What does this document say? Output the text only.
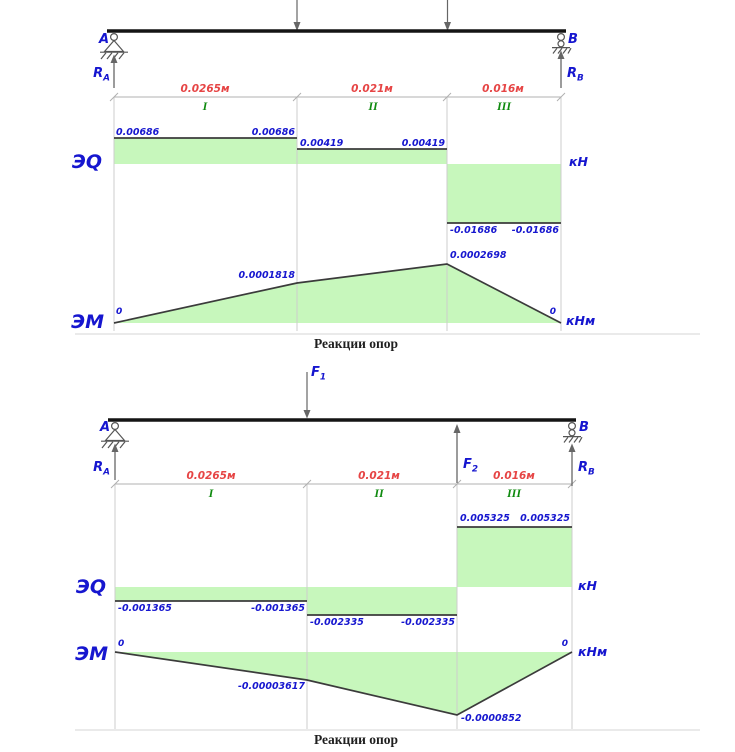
A	B
$R_A$	$R_B$
0.0265м	0.021м	0.016м
I	II	III
ЭQ	кН
0.00686	0.00686
0.00419	0.00419
-0.01686	-0.01686
0
0.0001818
0.0002698
0
ЭМ	кНм
Реакции опор
$F_1$
A	B
$R_A$
$F_2$	$R_B$
0.0265м	0.021м	0.016м
I	II	III
ЭQ	кН
-0.001365	-0.001365
-0.002335	-0.002335
0.005325	0.005325
0
-0.00003617
-0.0000852
0
ЭМ	кНм
Реакции опор
